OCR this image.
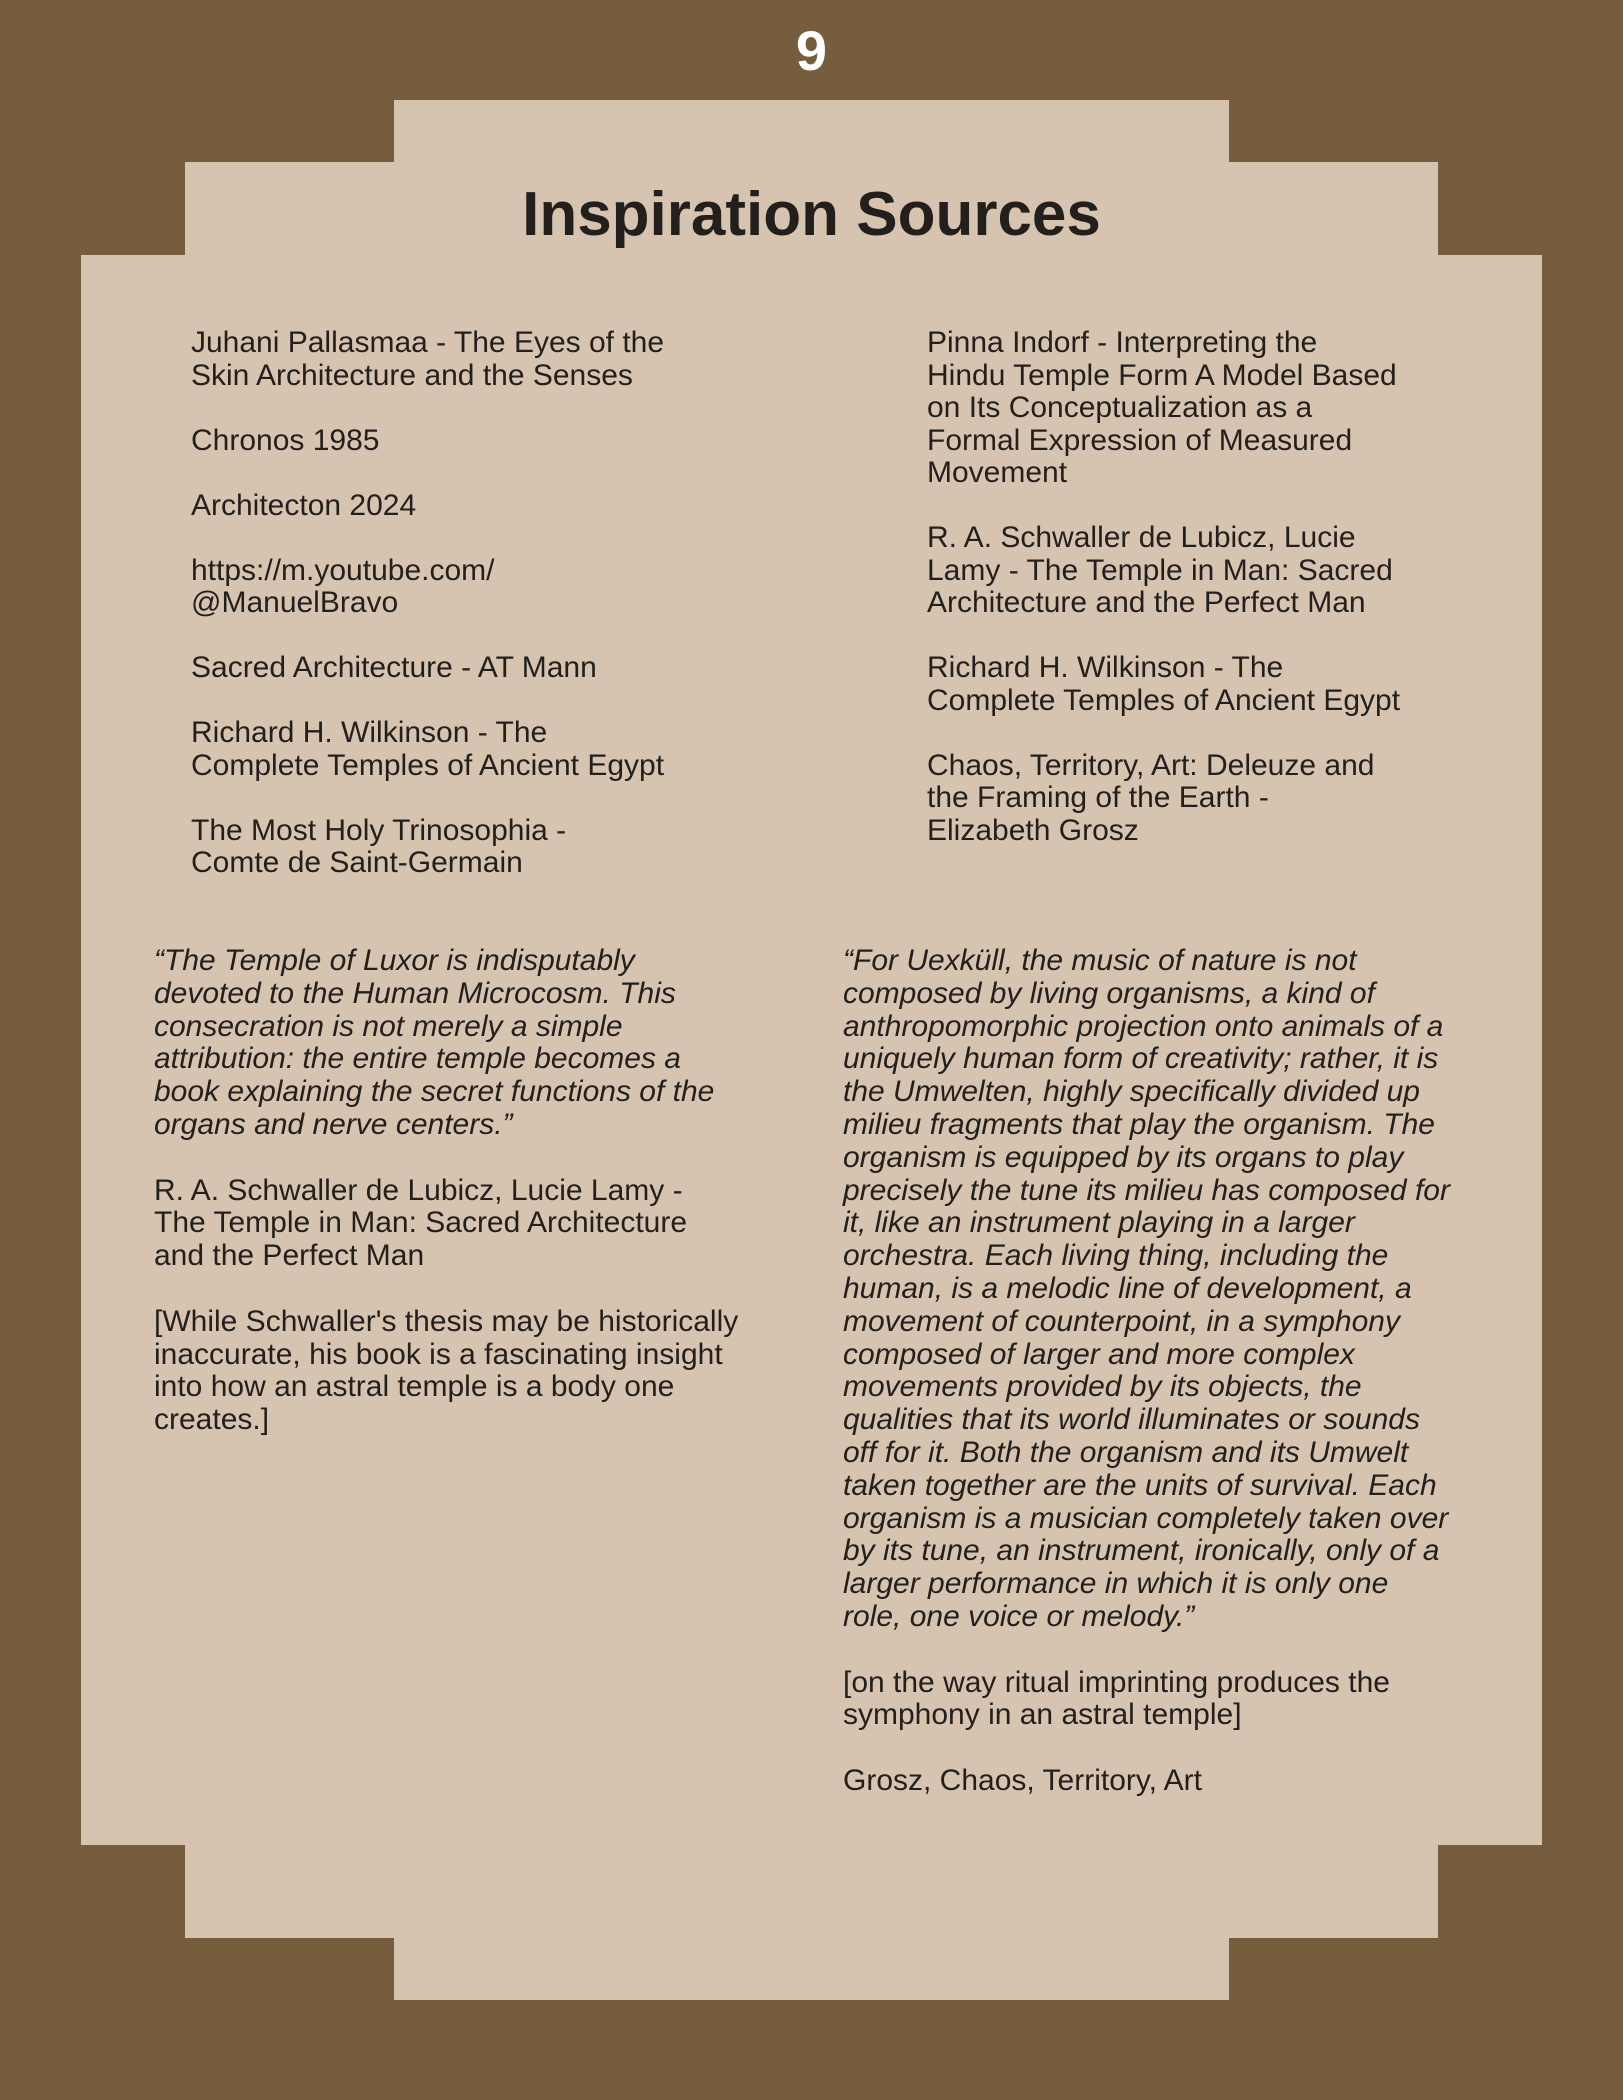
9
Inspiration Sources

Juhani Pallasmaa - The Eyes of the
Skin Architecture and the Senses

Chronos 1985

Architecton 2024

https://m.youtube.com/
@ManuelBravo

Sacred Architecture - AT Mann

Richard H. Wilkinson - The
Complete Temples of Ancient Egypt

The Most Holy Trinosophia -
Comte de Saint-Germain

Pinna Indorf - Interpreting the
Hindu Temple Form A Model Based
on Its Conceptualization as a
Formal Expression of Measured
Movement

R. A. Schwaller de Lubicz, Lucie
Lamy - The Temple in Man: Sacred
Architecture and the Perfect Man

Richard H. Wilkinson - The
Complete Temples of Ancient Egypt

Chaos, Territory, Art: Deleuze and
the Framing of the Earth -
Elizabeth Grosz

“The Temple of Luxor is indisputably
devoted to the Human Microcosm. This
consecration is not merely a simple
attribution: the entire temple becomes a
book explaining the secret functions of the
organs and nerve centers.”

R. A. Schwaller de Lubicz, Lucie Lamy -
The Temple in Man: Sacred Architecture
and the Perfect Man

[While Schwaller's thesis may be historically
inaccurate, his book is a fascinating insight
into how an astral temple is a body one
creates.]

“For Uexküll, the music of nature is not
composed by living organisms, a kind of
anthropomorphic projection onto animals of a
uniquely human form of creativity; rather, it is
the Umwelten, highly specifically divided up
milieu fragments that play the organism. The
organism is equipped by its organs to play
precisely the tune its milieu has composed for
it, like an instrument playing in a larger
orchestra. Each living thing, including the
human, is a melodic line of development, a
movement of counterpoint, in a symphony
composed of larger and more complex
movements provided by its objects, the
qualities that its world illuminates or sounds
off for it. Both the organism and its Umwelt
taken together are the units of survival. Each
organism is a musician completely taken over
by its tune, an instrument, ironically, only of a
larger performance in which it is only one
role, one voice or melody.”

[on the way ritual imprinting produces the
symphony in an astral temple]

Grosz, Chaos, Territory, Art
